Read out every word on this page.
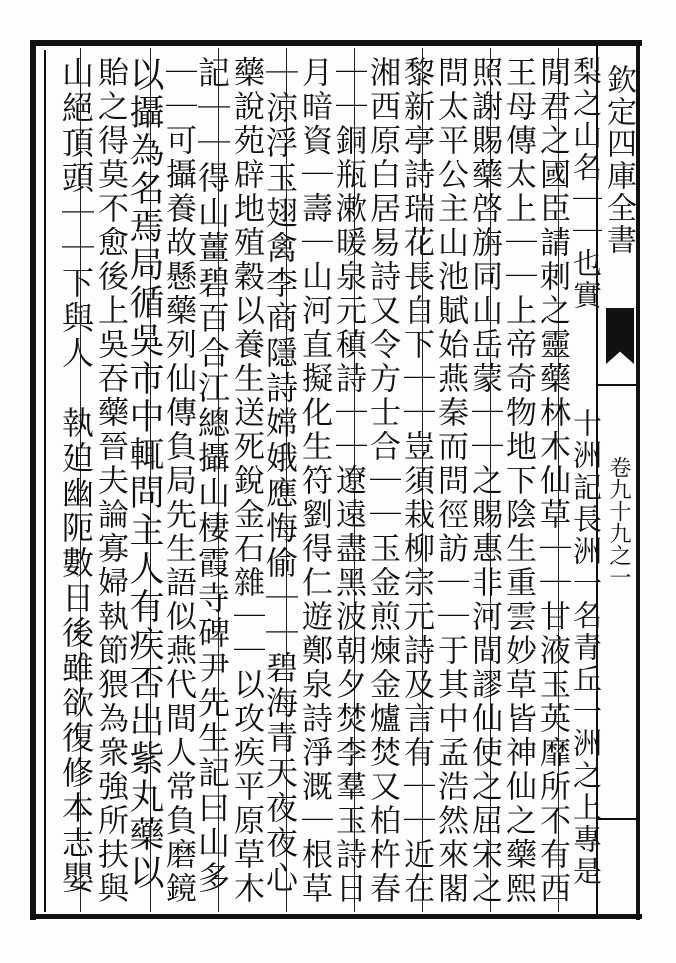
欽定四庫全書
卷九十九之一
梨之山名｜｜也實　　　十洲記長洲一名青丘一洲之上專是
閒君之國臣請刺之靈藥林木仙草｜｜甘液玉英靡所不有西
王母傳太上｜｜上帝奇物地下陰生重雲妙草皆神仙之藥熙
照謝賜藥啓旃同山岳蒙｜｜之賜惠非河間謬仙使之屈宋之
問太平公主山池賦始燕秦而問徑訪｜｜于其中孟浩然來閣
黎新亭詩瑞花長自下｜｜豈須栽柳宗元詩及言有｜｜近在
湘西原白居易詩又令方士合｜｜玉金煎煉金爐焚又柏杵春
｜｜銅瓶漱暖泉元稹詩｜｜遼遠盡黑波朝夕焚李羣玉詩日
月暗資｜壽｜山河直擬化生符劉得仁遊鄭泉詩淨溉｜根草
｜涼浮玉翅禽李商隱詩嫦娥應悔偷｜｜碧海青天夜夜心
藥說苑辟地殖穀以養生送死銳金石雜｜｜以攻疾平原草木
記｜｜得山薑碧百合江總攝山棲霞寺碑尹先生記曰山多
｜｜可攝養故懸藥列仙傳負局先生語似燕代間人常負磨鏡
以攝為名焉局循吳市中輒問主人有疾否出紫丸藥以
貽之得莫不愈後上吳吞藥晉夫論寡婦執節猥為衆強所扶與
山絕頂頭｜｜下與人　執廹幽阨數日後雖欲復修本志嬰
